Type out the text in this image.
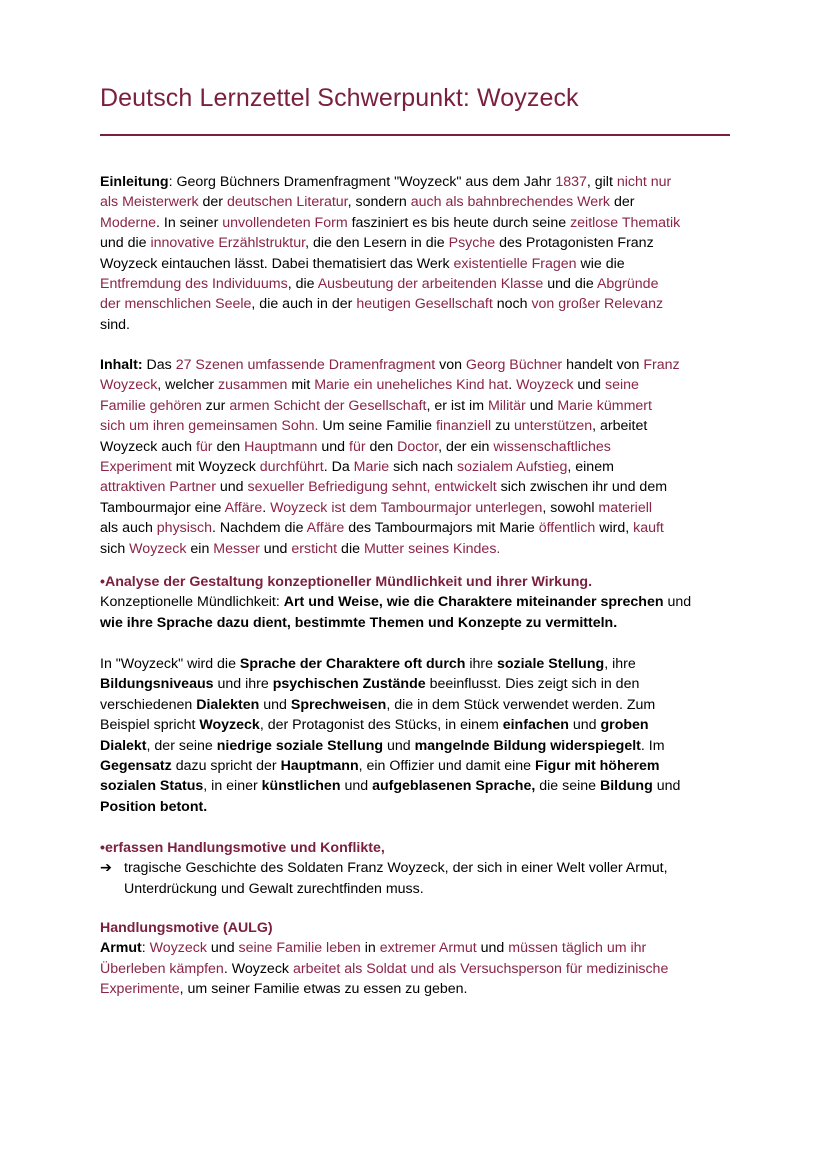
Deutsch Lernzettel Schwerpunkt: Woyzeck
Einleitung: Georg Büchners Dramenfragment "Woyzeck" aus dem Jahr 1837, gilt nicht nur
als Meisterwerk der deutschen Literatur, sondern auch als bahnbrechendes Werk der
Moderne. In seiner unvollendeten Form fasziniert es bis heute durch seine zeitlose Thematik
und die innovative Erzählstruktur, die den Lesern in die Psyche des Protagonisten Franz
Woyzeck eintauchen lässt. Dabei thematisiert das Werk existentielle Fragen wie die
Entfremdung des Individuums, die Ausbeutung der arbeitenden Klasse und die Abgründe
der menschlichen Seele, die auch in der heutigen Gesellschaft noch von großer Relevanz
sind.
Inhalt: Das 27 Szenen umfassende Dramenfragment von Georg Büchner handelt von Franz
Woyzeck, welcher zusammen mit Marie ein uneheliches Kind hat. Woyzeck und seine
Familie gehören zur armen Schicht der Gesellschaft, er ist im Militär und Marie kümmert
sich um ihren gemeinsamen Sohn. Um seine Familie finanziell zu unterstützen, arbeitet
Woyzeck auch für den Hauptmann und für den Doctor, der ein wissenschaftliches
Experiment mit Woyzeck durchführt. Da Marie sich nach sozialem Aufstieg, einem
attraktiven Partner und sexueller Befriedigung sehnt, entwickelt sich zwischen ihr und dem
Tambourmajor eine Affäre. Woyzeck ist dem Tambourmajor unterlegen, sowohl materiell
als auch physisch. Nachdem die Affäre des Tambourmajors mit Marie öffentlich wird, kauft
sich Woyzeck ein Messer und ersticht die Mutter seines Kindes.
•Analyse der Gestaltung konzeptioneller Mündlichkeit und ihrer Wirkung.
Konzeptionelle Mündlichkeit: Art und Weise, wie die Charaktere miteinander sprechen und
wie ihre Sprache dazu dient, bestimmte Themen und Konzepte zu vermitteln.
In "Woyzeck" wird die Sprache der Charaktere oft durch ihre soziale Stellung, ihre
Bildungsniveaus und ihre psychischen Zustände beeinflusst. Dies zeigt sich in den
verschiedenen Dialekten und Sprechweisen, die in dem Stück verwendet werden. Zum
Beispiel spricht Woyzeck, der Protagonist des Stücks, in einem einfachen und groben
Dialekt, der seine niedrige soziale Stellung und mangelnde Bildung widerspiegelt. Im
Gegensatz dazu spricht der Hauptmann, ein Offizier und damit eine Figur mit höherem
sozialen Status, in einer künstlichen und aufgeblasenen Sprache, die seine Bildung und
Position betont.
•erfassen Handlungsmotive und Konflikte,
➔ tragische Geschichte des Soldaten Franz Woyzeck, der sich in einer Welt voller Armut,
Unterdrückung und Gewalt zurechtfinden muss.
Handlungsmotive (AULG)
Armut: Woyzeck und seine Familie leben in extremer Armut und müssen täglich um ihr
Überleben kämpfen. Woyzeck arbeitet als Soldat und als Versuchsperson für medizinische
Experimente, um seiner Familie etwas zu essen zu geben.
